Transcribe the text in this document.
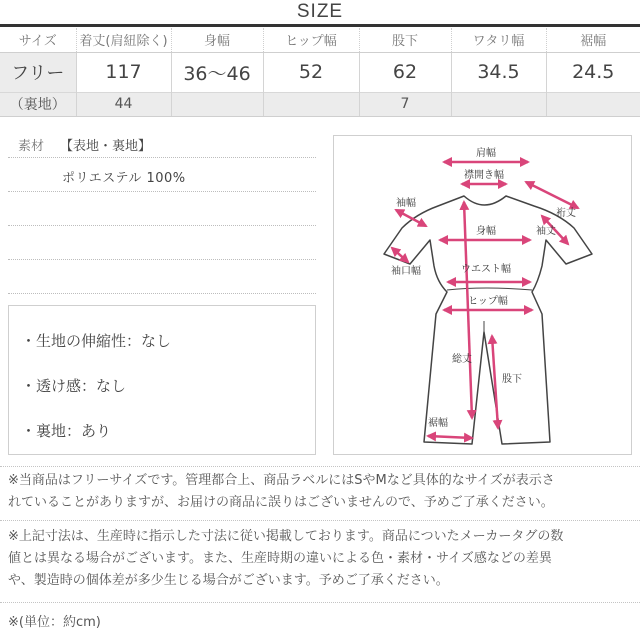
SIZE
サイズ	着丈(肩紐除く)	身幅	ヒップ幅	股下	ワタリ幅	裾幅
フリー	117	36〜46	52	62	34.5	24.5
（裏地）	44			7		
素材 【表地・裏地】
ポリエステル 100%
・生地の伸縮性：なし
・透け感：なし
・裏地：あり
肩幅
襟開き幅
袖幅
裄丈
袖丈
身幅
袖口幅	ウエスト幅
ヒップ幅
総丈
股下
裾幅
※当商品はフリーサイズです。管理都合上、商品ラベルにはSやMなど具体的なサイズが表示さ
れていることがありますが、お届けの商品に誤りはございませんので、予めご了承ください。
※上記寸法は、生産時に指示した寸法に従い掲載しております。商品についたメーカータグの数
値とは異なる場合がございます。また、生産時期の違いによる色・素材・サイズ感などの差異
や、製造時の個体差が多少生じる場合がございます。予めご了承ください。
※(単位：約cm)
